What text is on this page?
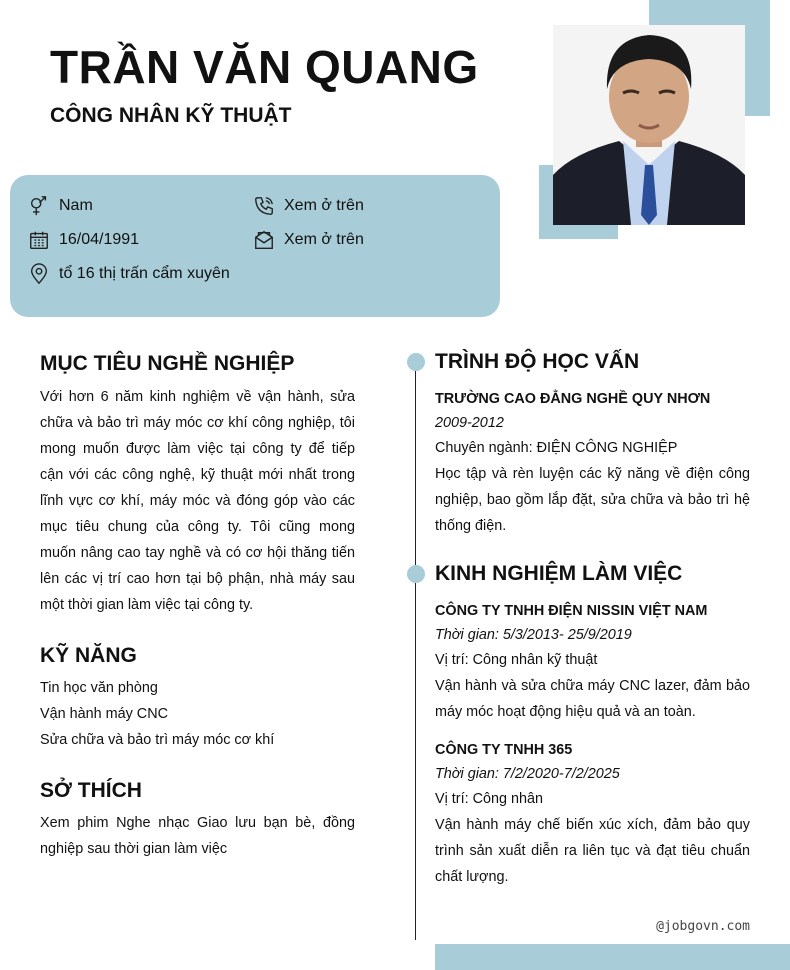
TRẦN VĂN QUANG
CÔNG NHÂN KỸ THUẬT
Nam	Xem ở trên
16/04/1991	Xem ở trên
tổ 16 thị trấn cẩm xuyên
MỤC TIÊU NGHỀ NGHIỆP
Với hơn 6 năm kinh nghiệm về vận hành, sửa chữa và bảo trì máy móc cơ khí công nghiệp, tôi mong muốn được làm việc tại công ty để tiếp cận với các công nghệ, kỹ thuật mới nhất trong lĩnh vực cơ khí, máy móc và đóng góp vào các mục tiêu chung của công ty. Tôi cũng mong muốn nâng cao tay nghề và có cơ hội thăng tiến lên các vị trí cao hơn tại bộ phận, nhà máy sau một thời gian làm việc tại công ty.
KỸ NĂNG
Tin học văn phòng
Vận hành máy CNC
Sửa chữa và bảo trì máy móc cơ khí
SỞ THÍCH
Xem phim Nghe nhạc Giao lưu bạn bè, đồng nghiệp sau thời gian làm việc
TRÌNH ĐỘ HỌC VẤN
TRƯỜNG CAO ĐẲNG NGHỀ QUY NHƠN
2009-2012
Chuyên ngành: ĐIỆN CÔNG NGHIỆP
Học tập và rèn luyện các kỹ năng về điện công nghiệp, bao gồm lắp đặt, sửa chữa và bảo trì hệ thống điện.
KINH NGHIỆM LÀM VIỆC
CÔNG TY TNHH ĐIỆN NISSIN VIỆT NAM
Thời gian: 5/3/2013- 25/9/2019
Vị trí: Công nhân kỹ thuật
Vận hành và sửa chữa máy CNC lazer, đảm bảo máy móc hoạt động hiệu quả và an toàn.
CÔNG TY TNHH 365
Thời gian: 7/2/2020-7/2/2025
Vị trí: Công nhân
Vận hành máy chế biến xúc xích, đảm bảo quy trình sản xuất diễn ra liên tục và đạt tiêu chuẩn chất lượng.
@jobgovn.com
